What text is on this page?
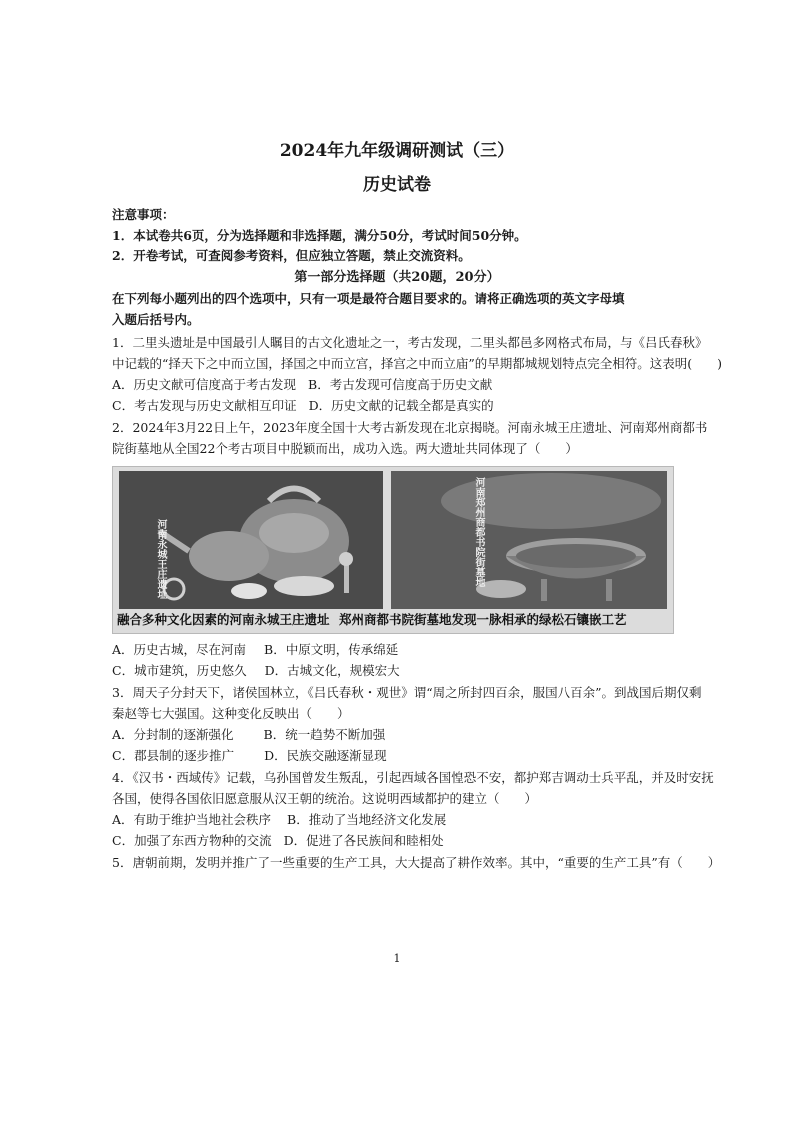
2024年九年级调研测试（三）
历史试卷
注意事项：
1．本试卷共6页，分为选择题和非选择题，满分50分，考试时间50分钟。
2．开卷考试，可查阅参考资料，但应独立答题，禁止交流资料。
第一部分选择题（共20题，20分）
在下列每小题列出的四个选项中，只有一项是最符合题目要求的。请将正确选项的英文字母填
入题后括号内。
1．二里头遗址是中国最引人瞩目的古文化遗址之一，考古发现，二里头都邑多网格式布局，与《吕氏春秋》
中记载的“择天下之中而立国，择国之中而立宫，择宫之中而立庙”的早期都城规划特点完全相符。这表明(　　)
A．历史文献可信度高于考古发现 B．考古发现可信度高于历史文献
C．考古发现与历史文献相互印证 D．历史文献的记载全都是真实的
2．2024年3月22日上午，2023年度全国十大考古新发现在北京揭晓。河南永城王庄遗址、河南郑州商都书
院街墓地从全国22个考古项目中脱颖而出，成功入选。两大遗址共同体现了（　　）
河南永城王庄遗址	河南郑州商都书院街墓地
融合多种文化因素的河南永城王庄遗址 郑州商都书院街墓地发现一脉相承的绿松石镶嵌工艺
A．历史古城，尽在河南 B．中原文明，传承绵延
C．城市建筑，历史悠久 D．古城文化，规模宏大
3．周天子分封天下，诸侯国林立，《吕氏春秋・观世》谓“周之所封四百余，服国八百余”。到战国后期仅剩
秦赵等七大强国。这种变化反映出（　　）
A．分封制的逐渐强化 B．统一趋势不断加强
C．郡县制的逐步推广 D．民族交融逐渐显现
4．《汉书・西域传》记载，乌孙国曾发生叛乱，引起西域各国惶恐不安，都护郑吉调动士兵平乱，并及时安抚
各国，使得各国依旧愿意服从汉王朝的统治。这说明西域都护的建立（　　）
A．有助于维护当地社会秩序 B．推动了当地经济文化发展
C．加强了东西方物种的交流 D．促进了各民族间和睦相处
5．唐朝前期，发明并推广了一些重要的生产工具，大大提高了耕作效率。其中，“重要的生产工具”有（　　）
1
